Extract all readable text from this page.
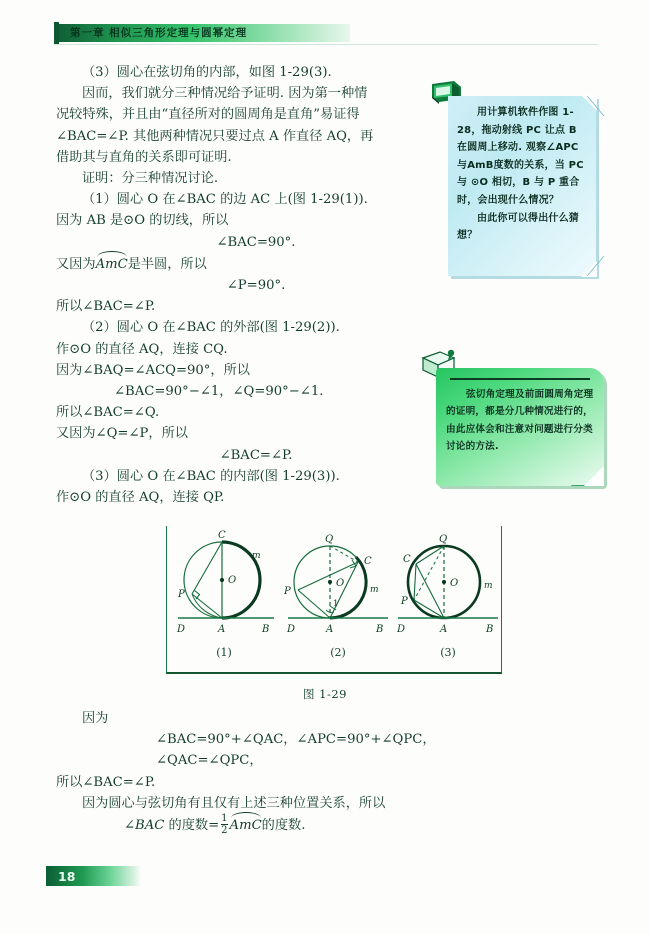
第一章 相似三角形定理与圆幂定理
（3）圆心在弦切角的内部，如图 1-29(3).
因而，我们就分三种情况给予证明. 因为第一种情
况较特殊，并且由“直径所对的圆周角是直角”易证得
∠BAC=∠P. 其他两种情况只要过点 A 作直径 AQ，再
借助其与直角的关系即可证明.
证明：分三种情况讨论.
（1）圆心 O 在∠BAC 的边 AC 上(图 1-29(1)).
因为 AB 是⊙O 的切线，所以
∠BAC=90°.
又因为AmC是半圆，所以
∠P=90°.
所以∠BAC=∠P.
（2）圆心 O 在∠BAC 的外部(图 1-29(2)).
作⊙O 的直径 AQ，连接 CQ.
因为∠BAQ=∠ACQ=90°，所以
∠BAC=90°−∠1，∠Q=90°−∠1.
所以∠BAC=∠Q.
又因为∠Q=∠P，所以
∠BAC=∠P.
（3）圆心 O 在∠BAC 的内部(图 1-29(3)).
作⊙O 的直径 AQ，连接 QP.
用计算机软件作图 1-28，拖动射线 PC 让点 B 在圆周上移动. 观察∠APC与AmB度数的关系，当 PC 与 ⊙O 相切，B 与 P 重合时，会出现什么情况？
由此你可以得出什么猜想？
弦切角定理及前面圆周角定理的证明，都是分几种情况进行的，由此应体会和注意对问题进行分类讨论的方法.
C
O
m
P
D	A	B
Q
C
O
m
P
1
D	A	B
Q
C
O	m
P
D	A	B
(1)	(2)	(3)
图 1-29
因为
∠BAC=90°+∠QAC，∠APC=90°+∠QPC，
∠QAC=∠QPC，
所以∠BAC=∠P.
因为圆心与弦切角有且仅有上述三种位置关系，所以
∠BAC 的度数= $\frac{1}{2}$ AmC的度数.
18
